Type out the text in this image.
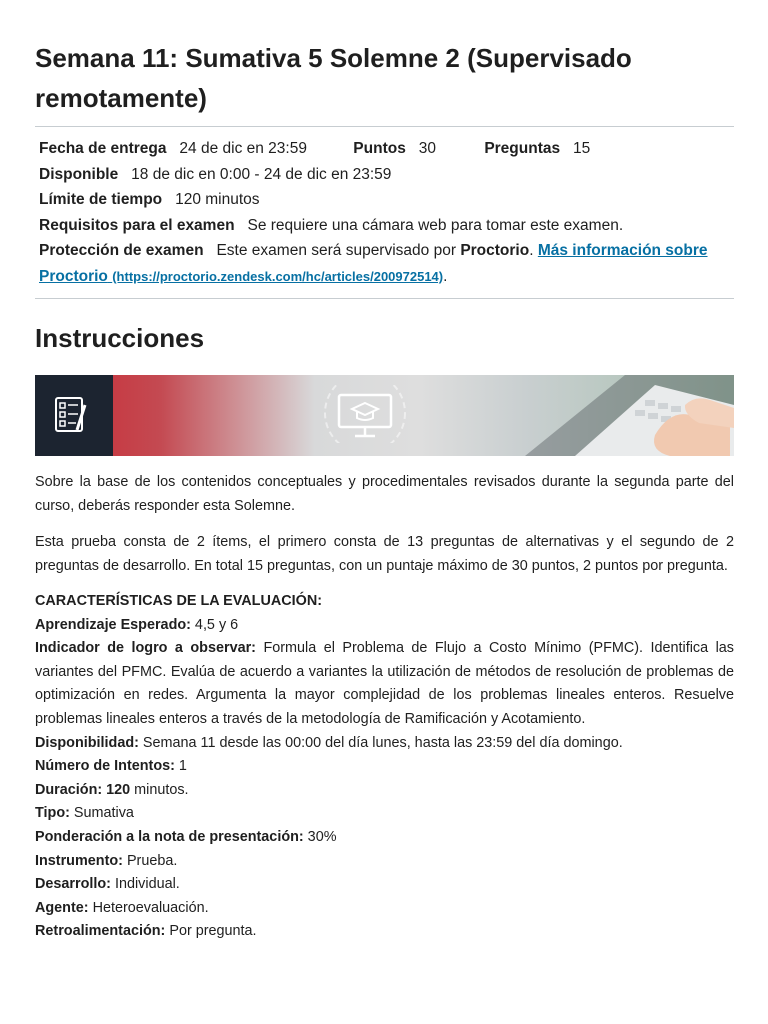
Semana 11: Sumativa 5 Solemne 2 (Supervisado remotamente)
Fecha de entrega 24 de dic en 23:59	Puntos 30	Preguntas 15
Disponible 18 de dic en 0:00 - 24 de dic en 23:59
Límite de tiempo 120 minutos
Requisitos para el examen Se requiere una cámara web para tomar este examen.
Protección de examen Este examen será supervisado por Proctorio. Más información sobre Proctorio (https://proctorio.zendesk.com/hc/articles/200972514).
Instrucciones

Sobre la base de los contenidos conceptuales y procedimentales revisados durante la segunda parte del curso, deberás responder esta Solemne.

Esta prueba consta de 2 ítems, el primero consta de 13 preguntas de alternativas y el segundo de 2 preguntas de desarrollo. En total 15 preguntas, con un puntaje máximo de 30 puntos, 2 puntos por pregunta.

CARACTERÍSTICAS DE LA EVALUACIÓN:
Aprendizaje Esperado: 4,5 y 6
Indicador de logro a observar: Formula el Problema de Flujo a Costo Mínimo (PFMC). Identifica las variantes del PFMC. Evalúa de acuerdo a variantes la utilización de métodos de resolución de problemas de optimización en redes. Argumenta la mayor complejidad de los problemas lineales enteros. Resuelve problemas lineales enteros a través de la metodología de Ramificación y Acotamiento.
Disponibilidad: Semana 11 desde las 00:00 del día lunes, hasta las 23:59 del día domingo.
Número de Intentos: 1
Duración: 120 minutos.
Tipo: Sumativa
Ponderación a la nota de presentación: 30%
Instrumento: Prueba.
Desarrollo: Individual.
Agente: Heteroevaluación.
Retroalimentación: Por pregunta.
